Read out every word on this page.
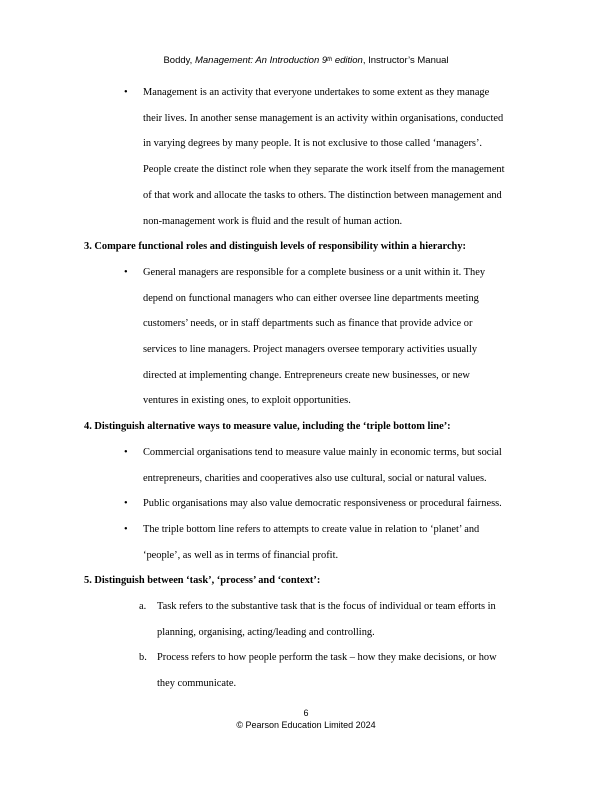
Boddy, Management: An Introduction 9th edition, Instructor’s Manual
• Management is an activity that everyone undertakes to some extent as they manage
their lives. In another sense management is an activity within organisations, conducted
in varying degrees by many people. It is not exclusive to those called ‘managers’.
People create the distinct role when they separate the work itself from the management
of that work and allocate the tasks to others. The distinction between management and
non-management work is fluid and the result of human action.
3. Compare functional roles and distinguish levels of responsibility within a hierarchy:
• General managers are responsible for a complete business or a unit within it. They
depend on functional managers who can either oversee line departments meeting
customers’ needs, or in staff departments such as finance that provide advice or
services to line managers. Project managers oversee temporary activities usually
directed at implementing change. Entrepreneurs create new businesses, or new
ventures in existing ones, to exploit opportunities.
4. Distinguish alternative ways to measure value, including the ‘triple bottom line’:
• Commercial organisations tend to measure value mainly in economic terms, but social
entrepreneurs, charities and cooperatives also use cultural, social or natural values.
• Public organisations may also value democratic responsiveness or procedural fairness.
• The triple bottom line refers to attempts to create value in relation to ‘planet’ and
‘people’, as well as in terms of financial profit.
5. Distinguish between ‘task’, ‘process’ and ‘context’:
a. Task refers to the substantive task that is the focus of individual or team efforts in
planning, organising, acting/leading and controlling.
b. Process refers to how people perform the task – how they make decisions, or how
they communicate.
6
© Pearson Education Limited 2024
